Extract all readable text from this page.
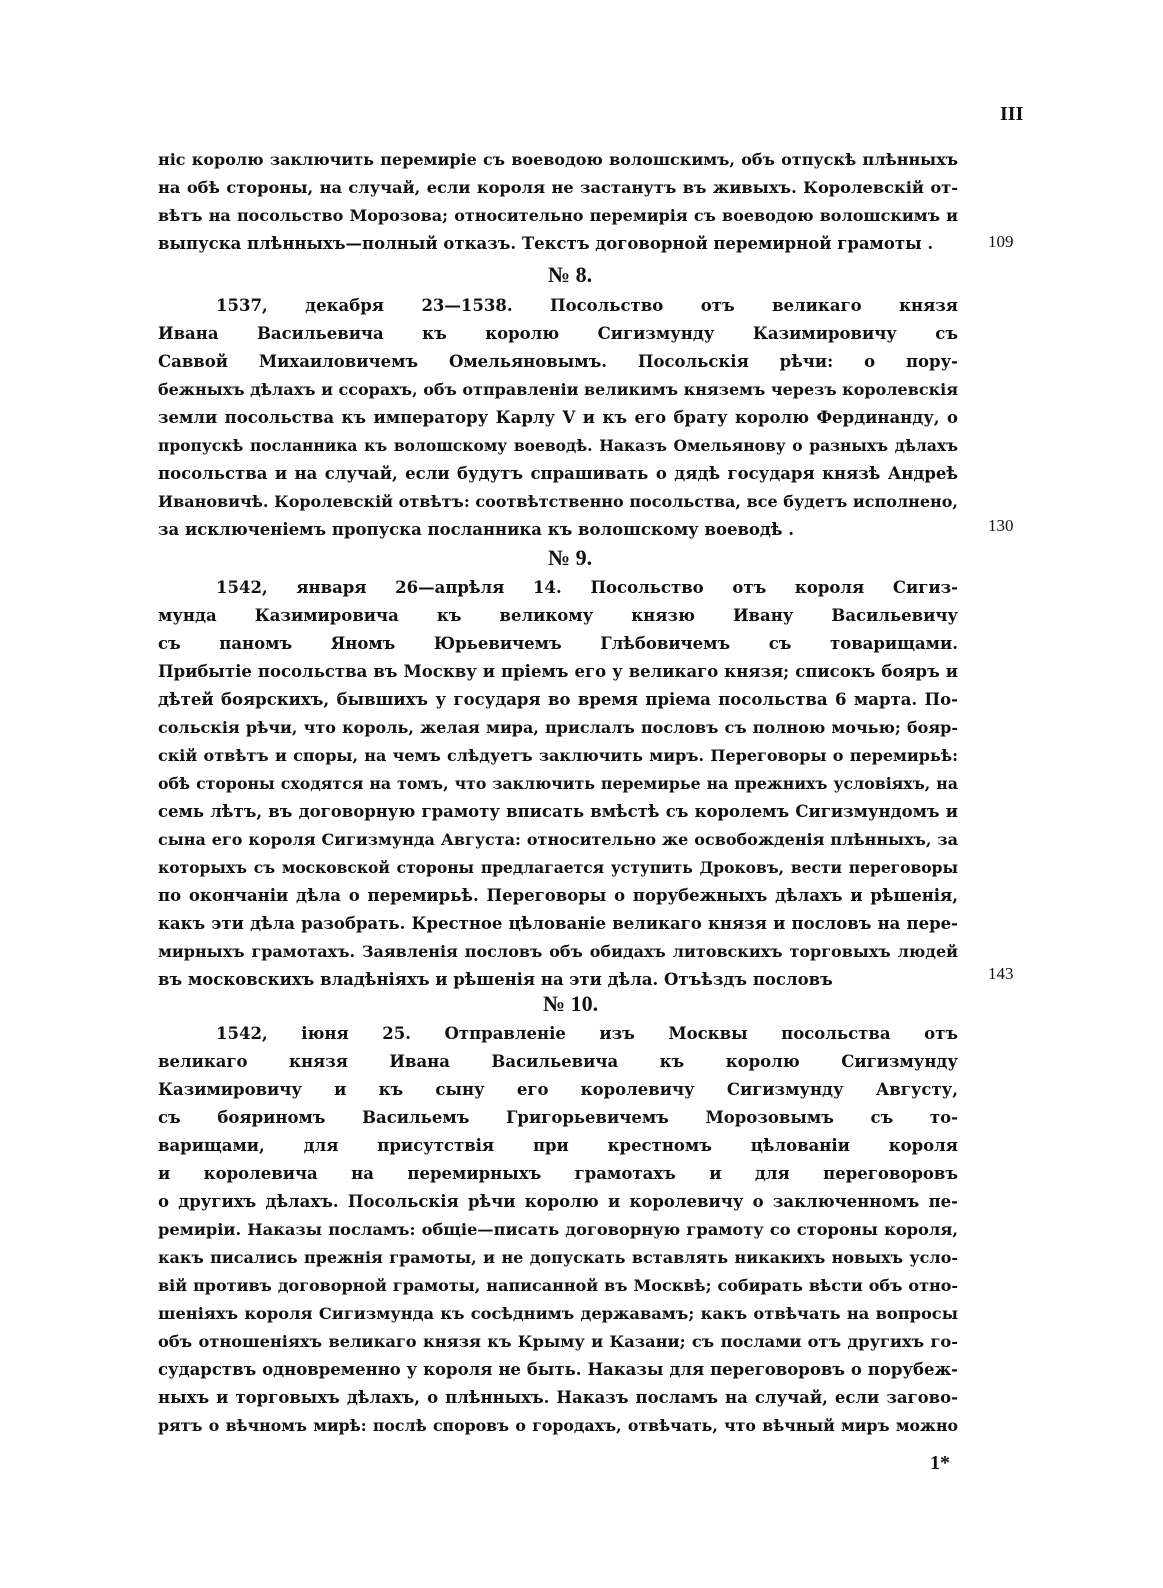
III
ніс королю заключить перемиріе съ воеводою волошскимъ, объ отпускѣ плѣнныхъ
на обѣ стороны, на случай, если короля не застанутъ въ живыхъ. Королевскій от-
вѣтъ на посольство Морозова; относительно перемирія съ воеводою волошскимъ и
выпуска плѣнныхъ—полный отказъ. Текстъ договорной перемирной грамоты .	109
№ 8.
1537, декабря 23—1538. Посольство отъ великаго князя
Ивана Васильевича къ королю Сигизмунду Казимировичу съ
Саввой Михаиловичемъ Омельяновымъ. Посольскія рѣчи: о пору-
бежныхъ дѣлахъ и ссорахъ, объ отправленіи великимъ княземъ черезъ королевскія
земли посольства къ императору Карлу V и къ его брату королю Фердинанду, о
пропускѣ посланника къ волошскому воеводѣ. Наказъ Омельянову о разныхъ дѣлахъ
посольства и на случай, если будутъ спрашивать о дядѣ государя князѣ Андреѣ
Ивановичѣ. Королевскій отвѣтъ: соотвѣтственно посольства, все будетъ исполнено,
за исключеніемъ пропуска посланника къ волошскому воеводѣ .	130
№ 9.
1542, января 26—апрѣля 14. Посольство отъ короля Сигиз-
мунда Казимировича къ великому князю Ивану Васильевичу
съ паномъ Яномъ Юрьевичемъ Глѣбовичемъ съ товарищами.
Прибытіе посольства въ Москву и пріемъ его у великаго князя; списокъ бояръ и
дѣтей боярскихъ, бывшихъ у государя во время пріема посольства 6 марта. По-
сольскія рѣчи, что король, желая мира, прислалъ пословъ съ полною мочью; бояр-
скій отвѣтъ и споры, на чемъ слѣдуетъ заключить миръ. Переговоры о перемирьѣ:
обѣ стороны сходятся на томъ, что заключить перемирье на прежнихъ условіяхъ, на
семь лѣтъ, въ договорную грамоту вписать вмѣстѣ съ королемъ Сигизмундомъ и
сына его короля Сигизмунда Августа: относительно же освобожденія плѣнныхъ, за
которыхъ съ московской стороны предлагается уступить Дроковъ, вести переговоры
по окончаніи дѣла о перемирьѣ. Переговоры о порубежныхъ дѣлахъ и рѣшенія,
какъ эти дѣла разобрать. Крестное цѣлованіе великаго князя и пословъ на пере-
мирныхъ грамотахъ. Заявленія пословъ объ обидахъ литовскихъ торговыхъ людей
въ московскихъ владѣніяхъ и рѣшенія на эти дѣла. Отъѣздъ пословъ	143
№ 10.
1542, іюня 25. Отправленіе изъ Москвы посольства отъ
великаго князя Ивана Васильевича къ королю Сигизмунду
Казимировичу и къ сыну его королевичу Сигизмунду Августу,
съ бояриномъ Васильемъ Григорьевичемъ Морозовымъ съ то-
варищами, для присутствія при крестномъ цѣлованіи короля
и королевича на перемирныхъ грамотахъ и для переговоровъ
о другихъ дѣлахъ. Посольскія рѣчи королю и королевичу о заключенномъ пе-
ремиріи. Наказы посламъ: общіе—писать договорную грамоту со стороны короля,
какъ писались прежнія грамоты, и не допускать вставлять никакихъ новыхъ усло-
вій противъ договорной грамоты, написанной въ Москвѣ; собирать вѣсти объ отно-
шеніяхъ короля Сигизмунда къ сосѣднимъ державамъ; какъ отвѣчать на вопросы
объ отношеніяхъ великаго князя къ Крыму и Казани; съ послами отъ другихъ го-
сударствъ одновременно у короля не быть. Наказы для переговоровъ о порубеж-
ныхъ и торговыхъ дѣлахъ, о плѣнныхъ. Наказъ посламъ на случай, если загово-
рятъ о вѣчномъ мирѣ: послѣ споровъ о городахъ, отвѣчать, что вѣчный миръ можно
1*
